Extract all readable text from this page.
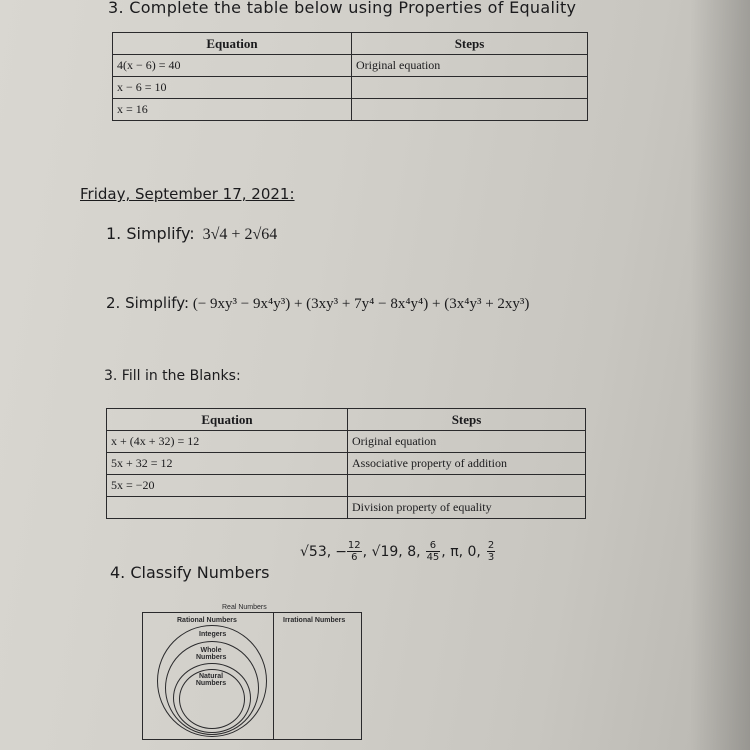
3. Complete the table below using Properties of Equality
Equation	Steps
4(x − 6) = 40	Original equation
x − 6 = 10	
x = 16	
Friday, September 17, 2021:
1. Simplify: 3√4 + 2√64
2. Simplify: (− 9xy³ − 9x⁴y³) + (3xy³ + 7y⁴ − 8x⁴y⁴) + (3x⁴y³ + 2xy³)
3. Fill in the Blanks:
Equation	Steps
x + (4x + 32) = 12	Original equation
5x + 32 = 12	Associative property of addition
5x = −20	
	Division property of equality
4. Classify Numbers
√53, − $\frac{12}{6}$ , √19, 8, $\frac{6}{45}$ , π, 0, $\frac{2}{3}$
Real Numbers
Rational Numbers	Irrational Numbers
Integers
Whole Numbers
Natural Numbers
